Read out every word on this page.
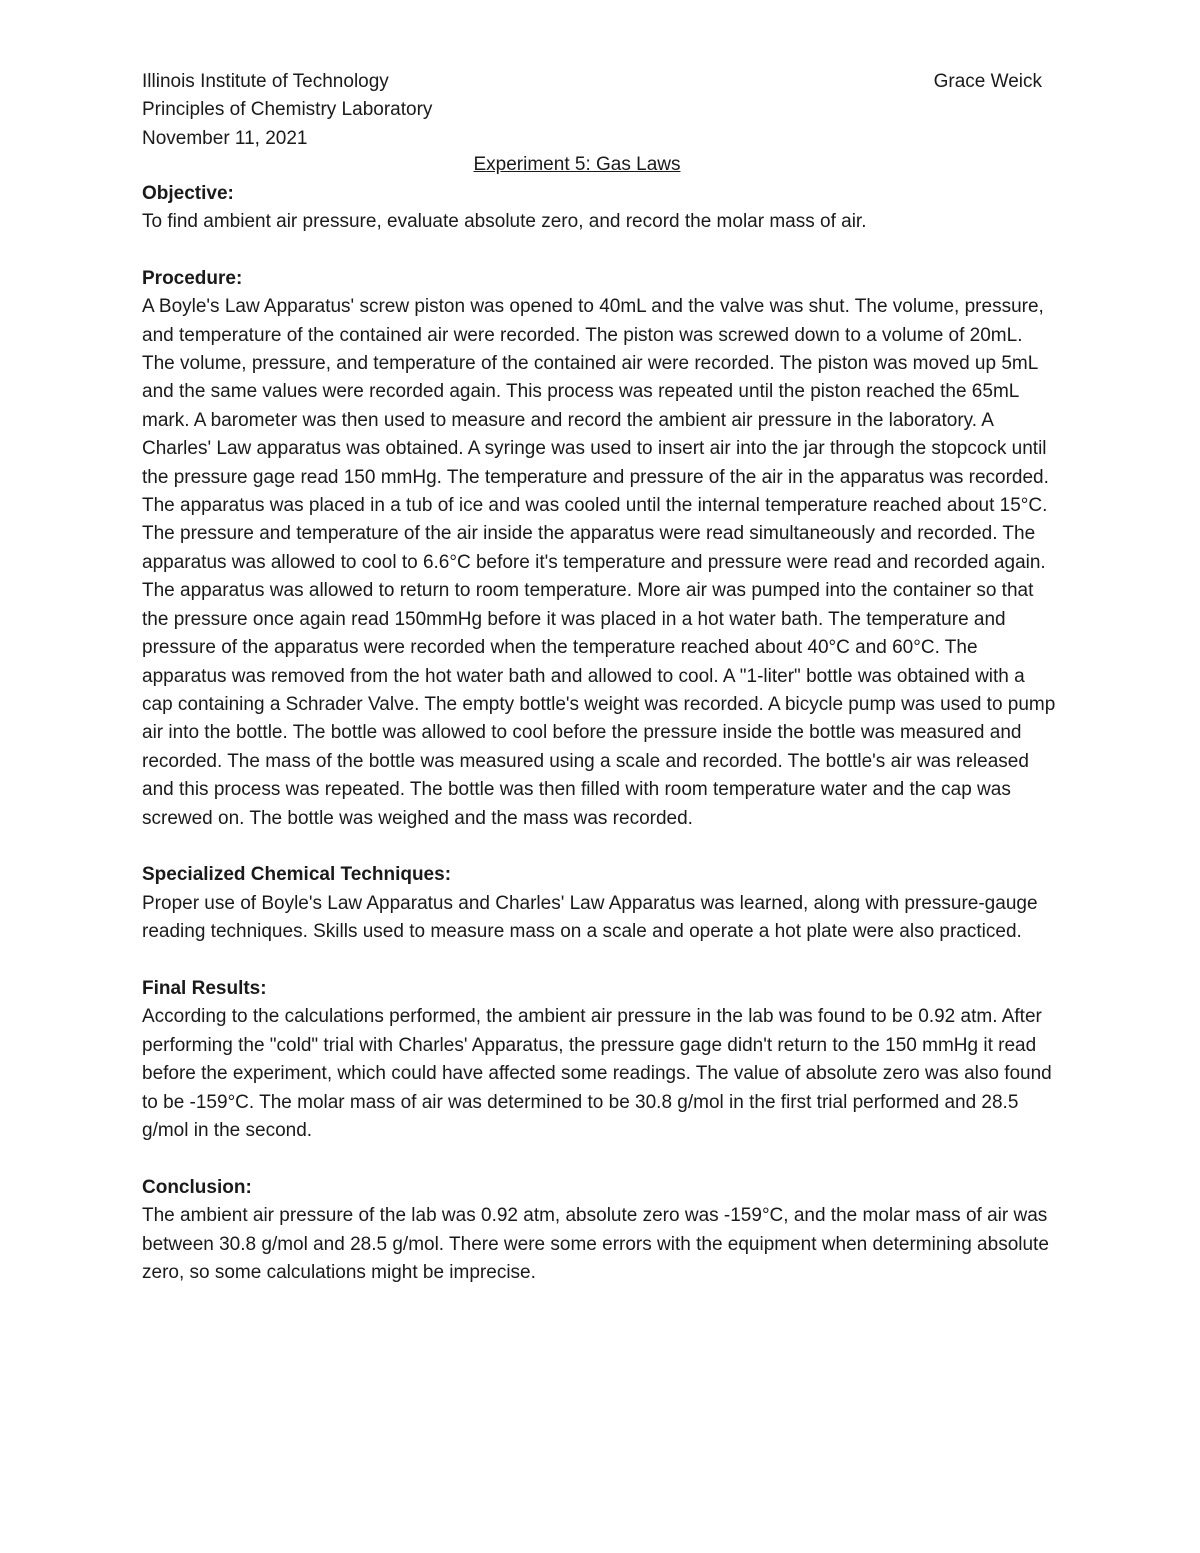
Illinois Institute of Technology	Grace Weick

Principles of Chemistry Laboratory

November 11, 2021

Experiment 5: Gas Laws

Objective:

To find ambient air pressure, evaluate absolute zero, and record the molar mass of air.

Procedure:

A Boyle's Law Apparatus' screw piston was opened to 40mL and the valve was shut. The volume, pressure, and temperature of the contained air were recorded. The piston was screwed down to a volume of 20mL. The volume, pressure, and temperature of the contained air were recorded. The piston was moved up 5mL and the same values were recorded again. This process was repeated until the piston reached the 65mL mark. A barometer was then used to measure and record the ambient air pressure in the laboratory. A Charles' Law apparatus was obtained. A syringe was used to insert air into the jar through the stopcock until the pressure gage read 150 mmHg. The temperature and pressure of the air in the apparatus was recorded. The apparatus was placed in a tub of ice and was cooled until the internal temperature reached about 15°C. The pressure and temperature of the air inside the apparatus were read simultaneously and recorded. The apparatus was allowed to cool to 6.6°C before it's temperature and pressure were read and recorded again. The apparatus was allowed to return to room temperature. More air was pumped into the container so that the pressure once again read 150mmHg before it was placed in a hot water bath. The temperature and pressure of the apparatus were recorded when the temperature reached about 40°C and 60°C. The apparatus was removed from the hot water bath and allowed to cool. A "1-liter" bottle was obtained with a cap containing a Schrader Valve. The empty bottle's weight was recorded. A bicycle pump was used to pump air into the bottle. The bottle was allowed to cool before the pressure inside the bottle was measured and recorded. The mass of the bottle was measured using a scale and recorded. The bottle's air was released and this process was repeated. The bottle was then filled with room temperature water and the cap was screwed on. The bottle was weighed and the mass was recorded.

Specialized Chemical Techniques:

Proper use of Boyle's Law Apparatus and Charles' Law Apparatus was learned, along with pressure-gauge reading techniques. Skills used to measure mass on a scale and operate a hot plate were also practiced.

Final Results:

According to the calculations performed, the ambient air pressure in the lab was found to be 0.92 atm. After performing the "cold" trial with Charles' Apparatus, the pressure gage didn't return to the 150 mmHg it read before the experiment, which could have affected some readings. The value of absolute zero was also found to be -159°C. The molar mass of air was determined to be 30.8 g/mol in the first trial performed and 28.5 g/mol in the second.

Conclusion:

The ambient air pressure of the lab was 0.92 atm, absolute zero was -159°C, and the molar mass of air was between 30.8 g/mol and 28.5 g/mol. There were some errors with the equipment when determining absolute zero, so some calculations might be imprecise.
